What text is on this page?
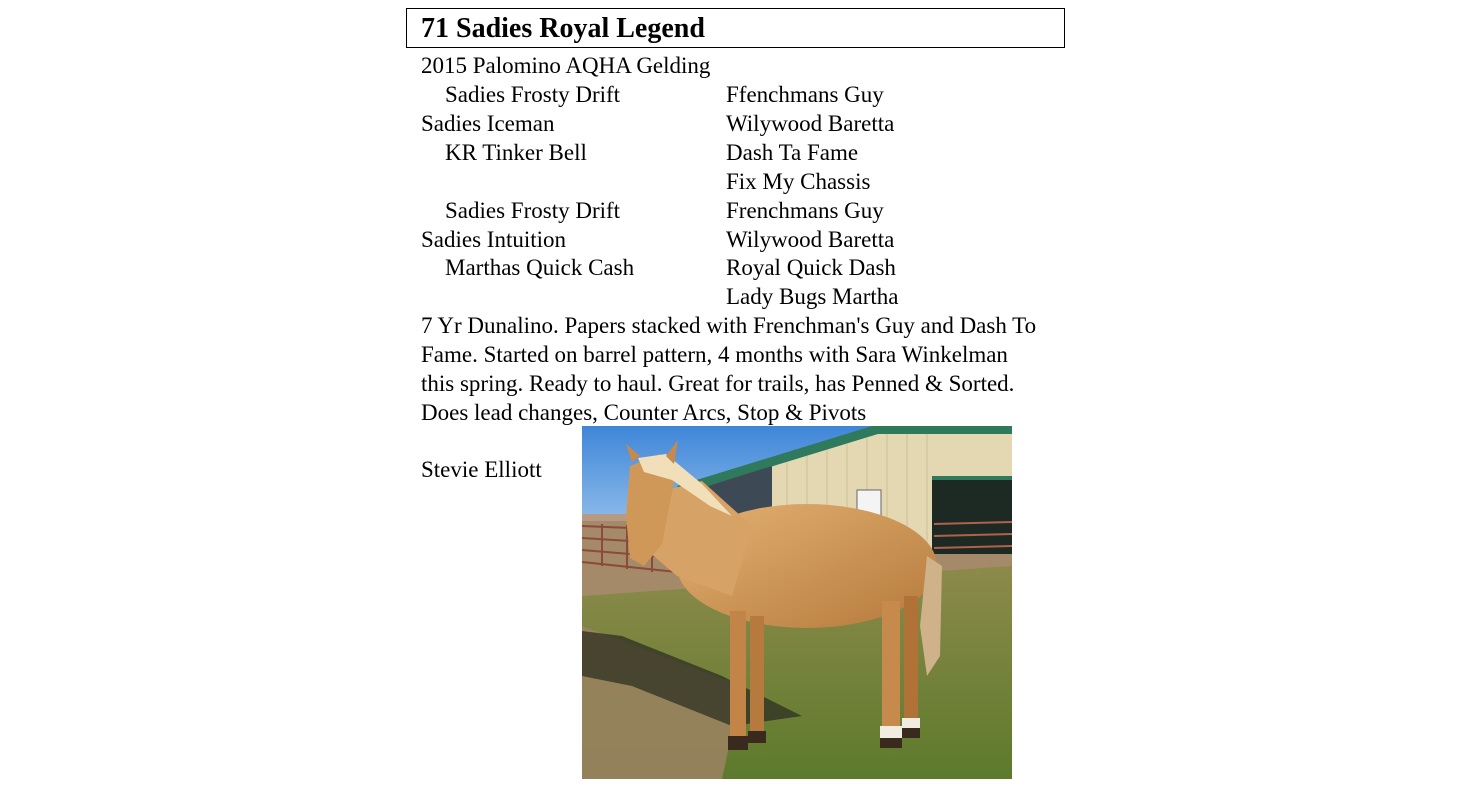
71 Sadies Royal Legend
2015 Palomino AQHA Gelding
Sadies Frosty Drift
Sadies Iceman
KR Tinker Bell
Sadies Frosty Drift
Sadies Intuition
Marthas Quick Cash
Ffenchmans Guy
Wilywood Baretta
Dash Ta Fame
Fix My Chassis
Frenchmans Guy
Wilywood Baretta
Royal Quick Dash
Lady Bugs Martha
7 Yr Dunalino. Papers stacked with Frenchman's Guy and Dash To Fame. Started on barrel pattern, 4 months with Sara Winkelman this spring. Ready to haul. Great for trails, has Penned & Sorted. Does lead changes, Counter Arcs, Stop & Pivots
Stevie Elliott
